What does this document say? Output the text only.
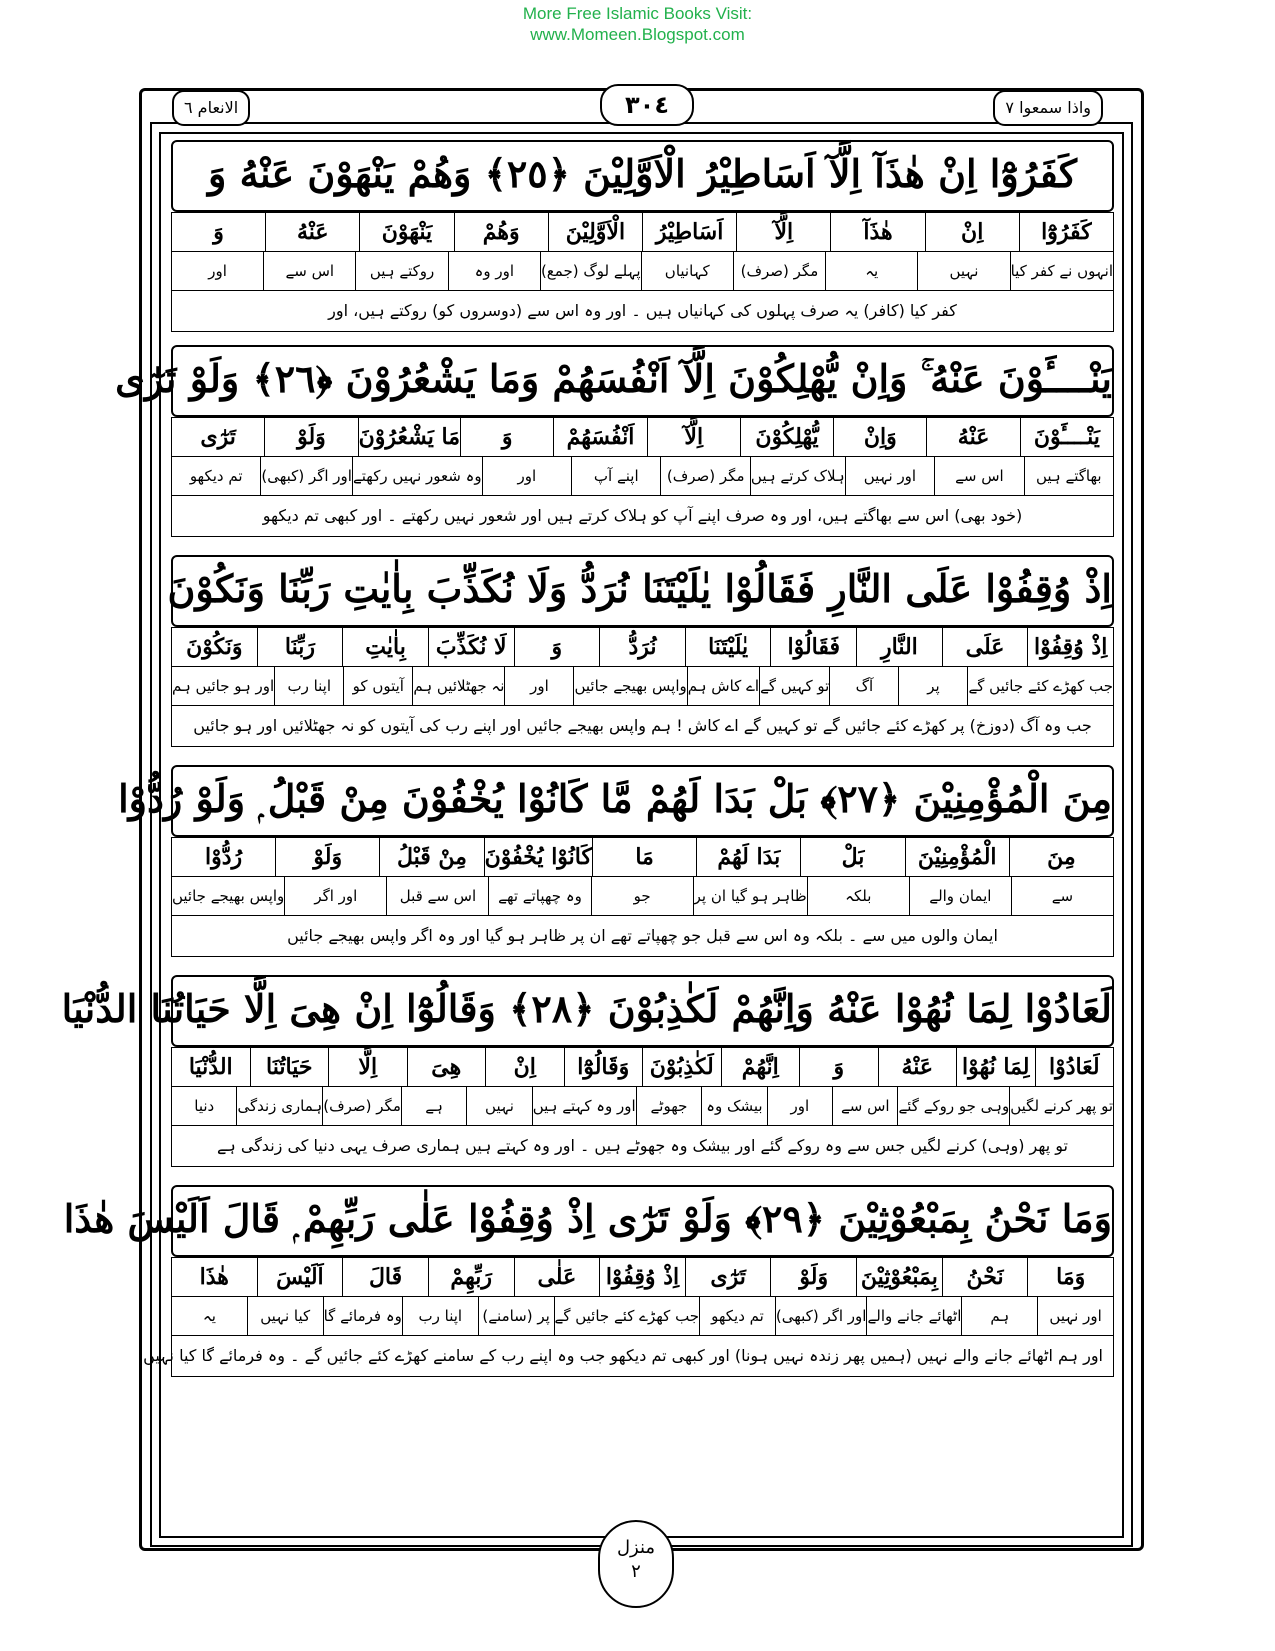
More Free Islamic Books Visit:
www.Momeen.Blogspot.com
الانعام ٦	٣٠٤	واذا سمعوا ٧
كَفَرُوْٓا اِنْ هٰذَآ اِلَّآ اَسَاطِيْرُ الْاَوَّلِيْنَ ﴿٢٥﴾ وَهُمْ يَنْهَوْنَ عَنْهُ وَ
كَفَرُوْٓا
اِنْ
هٰذَآ
اِلَّآ
اَسَاطِيْرُ
الْاَوَّلِيْنَ
وَهُمْ
يَنْهَوْنَ
عَنْهُ
وَ
انہوں نے کفر کیا
نہیں
یہ
مگر (صرف)
کہانیاں
پہلے لوگ (جمع)
اور وہ
روکتے ہیں
اس سے
اور
کفر کیا (کافر) یہ صرف پہلوں کی کہانیاں ہیں ۔ اور وہ اس سے (دوسروں کو) روکتے ہیں، اور
يَنْــــَٔوْنَ عَنْهُ ۚ وَاِنْ يُّهْلِكُوْنَ اِلَّآ اَنْفُسَهُمْ وَمَا يَشْعُرُوْنَ ﴿٢٦﴾ وَلَوْ تَرٰٓى
يَنْــــَٔوْنَ
عَنْهُ
وَاِنْ
يُّهْلِكُوْنَ
اِلَّآ
اَنْفُسَهُمْ
وَ
مَا يَشْعُرُوْنَ
وَلَوْ
تَرٰٓى
بھاگتے ہیں
اس سے
اور نہیں
ہلاک کرتے ہیں
مگر (صرف)
اپنے آپ
اور
وہ شعور نہیں رکھتے
اور اگر (کبھی)
تم دیکھو
(خود بھی) اس سے بھاگتے ہیں، اور وہ صرف اپنے آپ کو ہلاک کرتے ہیں اور شعور نہیں رکھتے ۔ اور کبھی تم دیکھو
اِذْ وُقِفُوْا عَلَى النَّارِ فَقَالُوْا يٰلَيْتَنَا نُرَدُّ وَلَا نُكَذِّبَ بِاٰيٰتِ رَبِّنَا وَنَكُوْنَ
اِذْ وُقِفُوْا
عَلَى
النَّارِ
فَقَالُوْا
يٰلَيْتَنَا
نُرَدُّ
وَ
لَا نُكَذِّبَ
بِاٰيٰتِ
رَبِّنَا
وَنَكُوْنَ
جب کھڑے کئے جائیں گے
پر
آگ
تو کہیں گے
اے کاش ہم
واپس بھیجے جائیں
اور
نہ جھٹلائیں ہم
آیتوں کو
اپنا رب
اور ہو جائیں ہم
جب وہ آگ (دوزخ) پر کھڑے کئے جائیں گے تو کہیں گے اے کاش ! ہم واپس بھیجے جائیں اور اپنے رب کی آیتوں کو نہ جھٹلائیں اور ہو جائیں
مِنَ الْمُؤْمِنِيْنَ ﴿٢٧﴾ بَلْ بَدَا لَهُمْ مَّا كَانُوْا يُخْفُوْنَ مِنْ قَبْلُ ۭ وَلَوْ رُدُّوْا
مِنَ
الْمُؤْمِنِيْنَ
بَلْ
بَدَا لَهُمْ
مَا
كَانُوْا يُخْفُوْنَ
مِنْ قَبْلُ
وَلَوْ
رُدُّوْا
سے
ایمان والے
بلکہ
ظاہر ہو گیا ان پر
جو
وہ چھپاتے تھے
اس سے قبل
اور اگر
واپس بھیجے جائیں
ایمان والوں میں سے ۔ بلکہ وہ اس سے قبل جو چھپاتے تھے ان پر ظاہر ہو گیا اور وہ اگر واپس بھیجے جائیں
لَعَادُوْا لِمَا نُهُوْا عَنْهُ وَاِنَّهُمْ لَكٰذِبُوْنَ ﴿٢٨﴾ وَقَالُوْٓا اِنْ هِىَ اِلَّا حَيَاتُنَا الدُّنْيَا
لَعَادُوْا
لِمَا نُهُوْا
عَنْهُ
وَ
اِنَّهُمْ
لَكٰذِبُوْنَ
وَقَالُوْٓا
اِنْ
هِىَ
اِلَّا
حَيَاتُنَا
الدُّنْيَا
تو پھر کرنے لگیں
وہی جو روکے گئے
اس سے
اور
بیشک وہ
جھوٹے
اور وہ کہتے ہیں
نہیں
ہے
مگر (صرف)
ہماری زندگی
دنیا
تو پھر (وہی) کرنے لگیں جس سے وہ روکے گئے اور بیشک وہ جھوٹے ہیں ۔ اور وہ کہتے ہیں ہماری صرف یہی دنیا کی زندگی ہے
وَمَا نَحْنُ بِمَبْعُوْثِيْنَ ﴿٢٩﴾ وَلَوْ تَرٰٓى اِذْ وُقِفُوْا عَلٰى رَبِّهِمْ ۭ قَالَ اَلَيْسَ هٰذَا
وَمَا
نَحْنُ
بِمَبْعُوْثِيْنَ
وَلَوْ
تَرٰٓى
اِذْ وُقِفُوْا
عَلٰى
رَبِّهِمْ
قَالَ
اَلَيْسَ
هٰذَا
اور نہیں
ہم
اٹھائے جانے والے
اور اگر (کبھی)
تم دیکھو
جب کھڑے کئے جائیں گے
پر (سامنے)
اپنا رب
وہ فرمائے گا
کیا نہیں
یہ
اور ہم اٹھائے جانے والے نہیں (ہمیں پھر زندہ نہیں ہونا) اور کبھی تم دیکھو جب وہ اپنے رب کے سامنے کھڑے کئے جائیں گے ۔ وہ فرمائے گا کیا نہیں
منزل
٢
